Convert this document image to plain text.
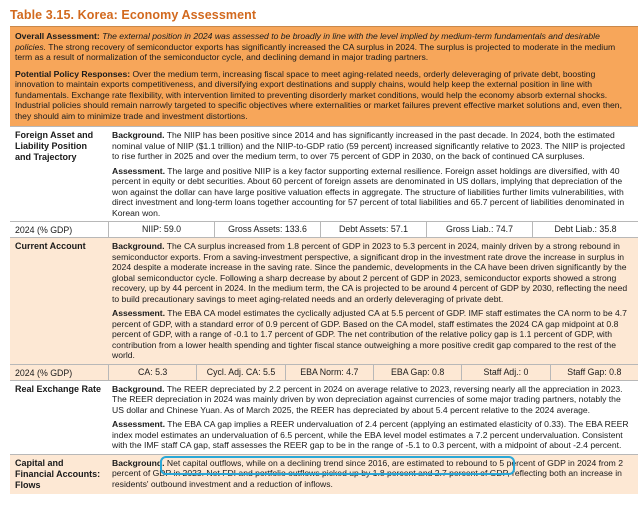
Table 3.15. Korea: Economy Assessment

Overall Assessment: The external position in 2024 was assessed to be broadly in line with the level implied by medium-term fundamentals and desirable policies. The strong recovery of semiconductor exports has significantly increased the CA surplus in 2024. The surplus is projected to moderate in the medium term as a result of normalization of the semiconductor cycle, and declining demand in major trading partners.

Potential Policy Responses: Over the medium term, increasing fiscal space to meet aging-related needs, orderly deleveraging of private debt, boosting innovation to maintain exports competitiveness, and diversifying export destinations and supply chains, would help keep the external position in line with fundamentals. Exchange rate flexibility, with intervention limited to preventing disorderly market conditions, would help the economy absorb external shocks. Industrial policies should remain narrowly targeted to specific objectives where externalities or market failures prevent effective market solutions and, even then, they should aim to minimize trade and investment distortions.

Foreign Asset and Liability Position and Trajectory

Background. The NIIP has been positive since 2014 and has significantly increased in the past decade. In 2024, both the estimated nominal value of NIIP ($1.1 trillion) and the NIIP-to-GDP ratio (59 percent) increased significantly relative to 2023. The NIIP is projected to rise further in 2025 and over the medium term, to over 75 percent of GDP in 2030, on the back of continued CA surpluses.

Assessment. The large and positive NIIP is a key factor supporting external resilience. Foreign asset holdings are diversified, with 40 percent in equity or debt securities. About 60 percent of foreign assets are denominated in US dollars, implying that depreciation of the won against the dollar can have large positive valuation effects in aggregate. The structure of liabilities further limits vulnerabilities, with direct investment and long-term loans together accounting for 57 percent of total liabilities and 65.7 percent of liabilities denominated in Korean won.

2024 (% GDP)	NIIP: 59.0	Gross Assets: 133.6	Debt Assets: 57.1	Gross Liab.: 74.7	Debt Liab.: 35.8
Current Account	Background. The CA surplus increased from 1.8 percent of GDP in 2023 to 5.3 percent in 2024, mainly driven by a strong rebound in semiconductor exports. From a saving-investment perspective, a significant drop in the investment rate drove the increase in surplus in 2024 despite a moderate increase in the saving rate. Since the pandemic, developments in the CA have been driven significantly by the global semiconductor cycle. Following a sharp decrease by about 2 percent of GDP in 2023, semiconductor exports showed a strong recovery, up by 44 percent in 2024. In the medium term, the CA is projected to be around 4 percent of GDP by 2030, reflecting the need to build precautionary savings to meet aging-related needs and an orderly deleveraging of private debt.

Assessment. The EBA CA model estimates the cyclically adjusted CA at 5.5 percent of GDP. IMF staff estimates the CA norm to be 4.7 percent of GDP, with a standard error of 0.9 percent of GDP. Based on the CA model, staff estimates the 2024 CA gap midpoint at 0.8 percent of GDP, with a range of -0.1 to 1.7 percent of GDP. The net contribution of the relative policy gap is 1.1 percent of GDP, with contribution from a lower health spending and tighter fiscal stance outweighing a more positive credit gap compared to the rest of the world.

2024 (% GDP)	CA: 5.3	Cycl. Adj. CA: 5.5	EBA Norm: 4.7	EBA Gap: 0.8	Staff Adj.: 0	Staff Gap: 0.8
Real Exchange Rate	Background. The REER depreciated by 2.2 percent in 2024 on average relative to 2023, reversing nearly all the appreciation in 2023. The REER depreciation in 2024 was mainly driven by won depreciation against currencies of some major trading partners, notably the US dollar and Chinese Yuan. As of March 2025, the REER has depreciated by about 5.4 percent relative to the 2024 average.

Assessment. The EBA CA gap implies a REER undervaluation of 2.4 percent (applying an estimated elasticity of 0.33). The EBA REER index model estimates an undervaluation of 6.5 percent, while the EBA level model estimates a 7.2 percent undervaluation. Consistent with the IMF staff CA gap, staff assesses the REER gap to be in the range of -5.1 to 0.3 percent, with a midpoint of about -2.4 percent.

Capital and Financial Accounts: Flows

Background. Net capital outflows, while on a declining trend since 2016, are estimated to rebound to 5 percent of GDP in 2024 from 2 percent of GDP in 2023. Net FDI and portfolio outflows picked up by 1.8 percent and 2.7 percent of GDP, reflecting both an increase in residents' outbound investment and a reduction of inflows.
